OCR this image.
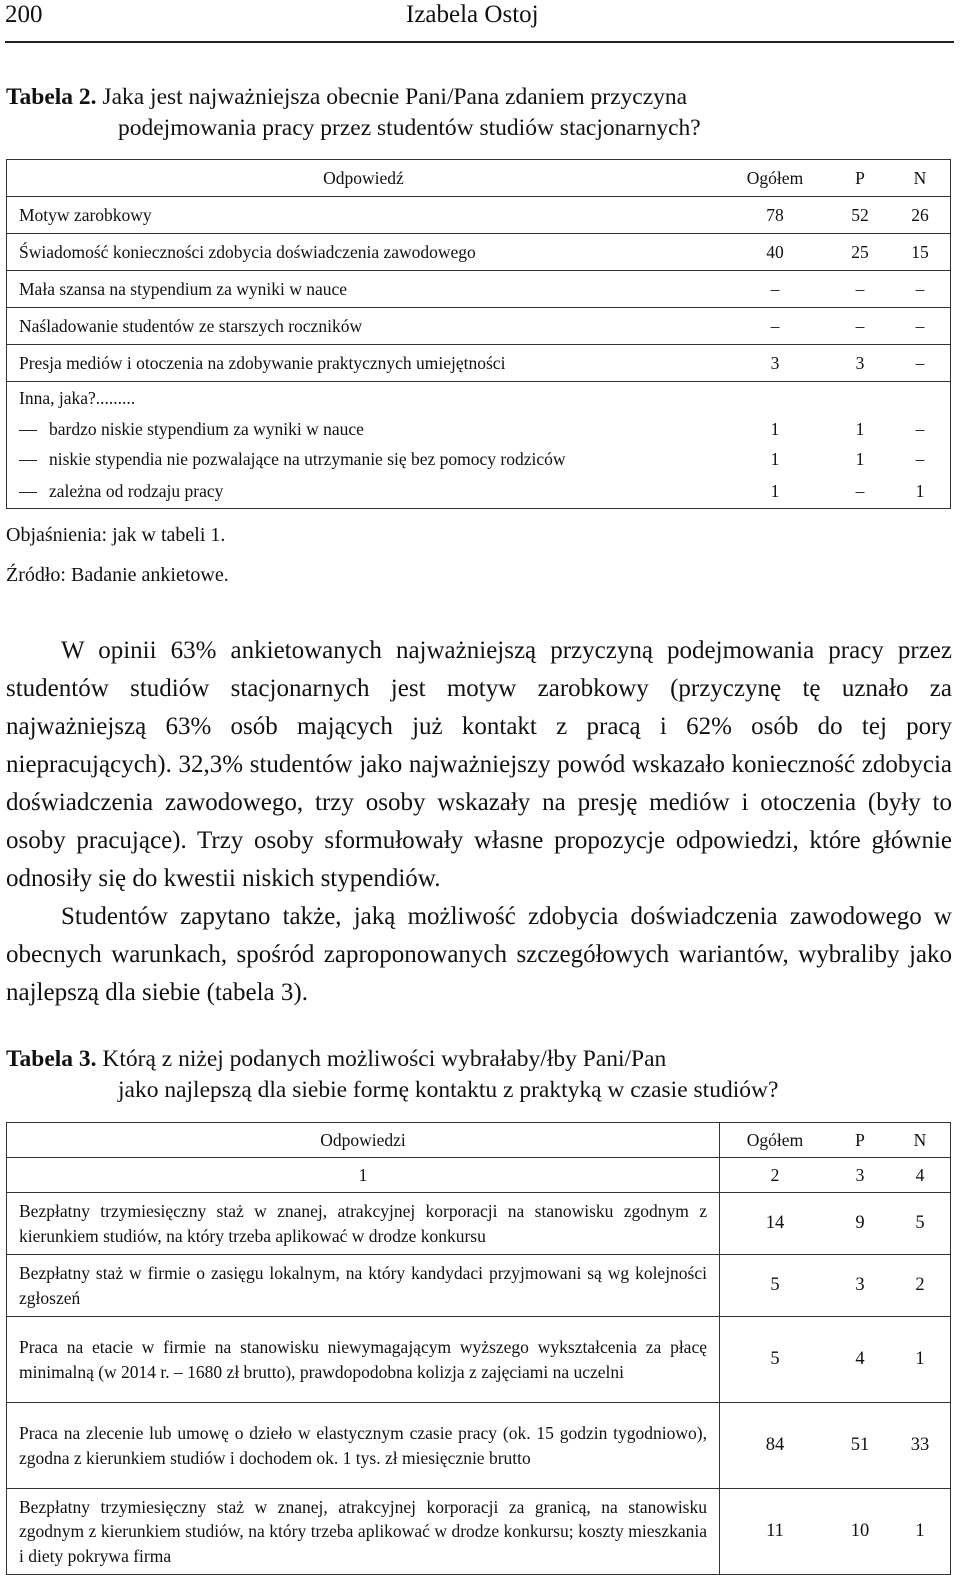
200	Izabela Ostoj
Tabela 2. Jaka jest najważniejsza obecnie Pani/Pana zdaniem przyczyna
podejmowania pracy przez studentów studiów stacjonarnych?
Odpowiedź	Ogółem	P	N
Motyw zarobkowy	78	52	26
Świadomość konieczności zdobycia doświadczenia zawodowego	40	25	15
Mała szansa na stypendium za wyniki w nauce	–	–	–
Naśladowanie studentów ze starszych roczników	–	–	–
Presja mediów i otoczenia na zdobywanie praktycznych umiejętności	3	3	–
Inna, jaka?.........			
bardzo niskie stypendium za wyniki w nauce	1	1	–
niskie stypendia nie pozwalające na utrzymanie się bez pomocy rodziców	1	1	–
zależna od rodzaju pracy	1	–	1
Objaśnienia: jak w tabeli 1.
Źródło: Badanie ankietowe.

W opinii 63% ankietowanych najważniejszą przyczyną podejmowania pracy przez studentów studiów stacjonarnych jest motyw zarobkowy (przyczynę tę uznało za najważniejszą 63% osób mających już kontakt z pracą i 62% osób do tej pory niepracujących). 32,3% studentów jako najważniejszy powód wskazało konieczność zdobycia doświadczenia zawodowego, trzy osoby wskazały na presję mediów i otoczenia (były to osoby pracujące). Trzy osoby sformułowały własne propozycje odpowiedzi, które głównie odnosiły się do kwestii niskich stypendiów.

Studentów zapytano także, jaką możliwość zdobycia doświadczenia zawodowego w obecnych warunkach, spośród zaproponowanych szczegółowych wariantów, wybraliby jako najlepszą dla siebie (tabela 3).

Tabela 3. Którą z niżej podanych możliwości wybrałaby/łby Pani/Pan
jako najlepszą dla siebie formę kontaktu z praktyką w czasie studiów?
Odpowiedzi	Ogółem	P	N
1	2	3	4
Bezpłatny trzymiesięczny staż w znanej, atrakcyjnej korporacji na stanowisku zgodnym z kierunkiem studiów, na który trzeba aplikować w drodze konkursu	14	9	5
Bezpłatny staż w firmie o zasięgu lokalnym, na który kandydaci przyjmowani są wg kolejności zgłoszeń	5	3	2
Praca na etacie w firmie na stanowisku niewymagającym wyższego wykształcenia za płacę minimalną (w 2014 r. – 1680 zł brutto), prawdopodobna kolizja z zajęciami na uczelni	5	4	1
Praca na zlecenie lub umowę o dzieło w elastycznym czasie pracy (ok. 15 godzin tygodniowo), zgodna z kierunkiem studiów i dochodem ok. 1 tys. zł miesięcznie brutto	84	51	33
Bezpłatny trzymiesięczny staż w znanej, atrakcyjnej korporacji za granicą, na stanowisku zgodnym z kierunkiem studiów, na który trzeba aplikować w drodze konkursu; koszty mieszkania i diety pokrywa firma	11	10	1
